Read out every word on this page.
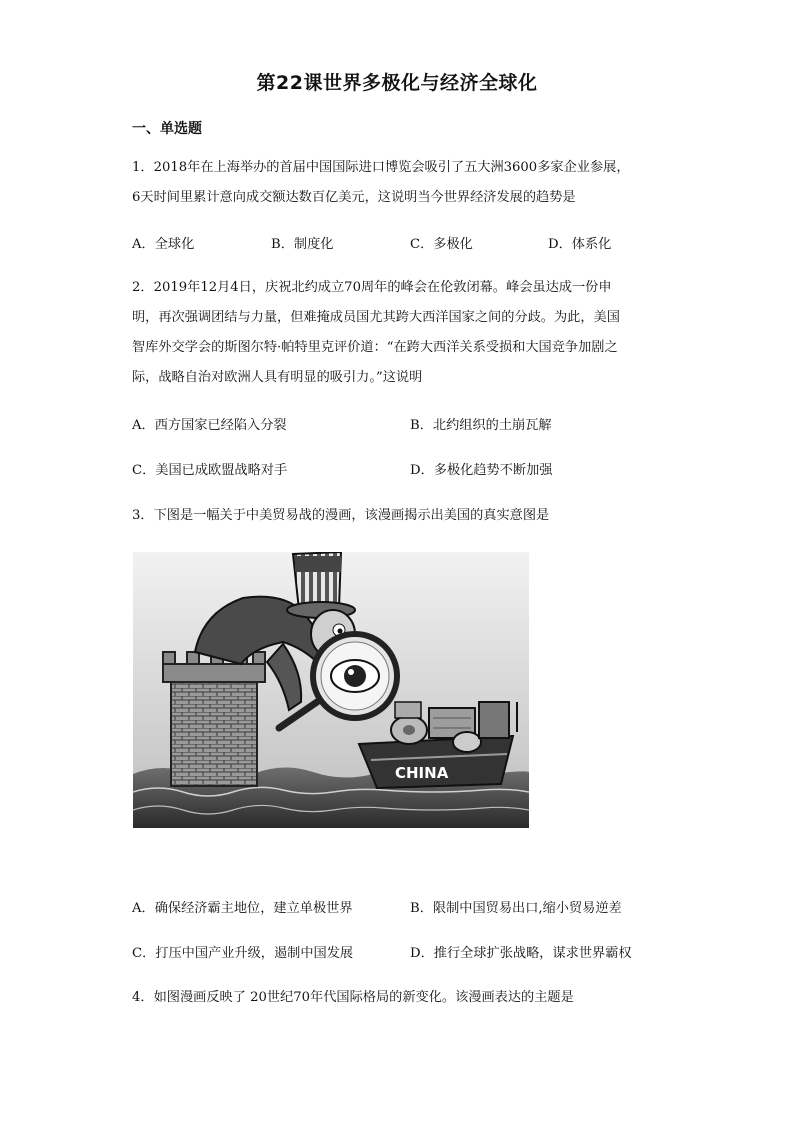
第22课世界多极化与经济全球化
一、单选题
1．2018年在上海举办的首届中国国际进口博览会吸引了五大洲3600多家企业参展，
6天时间里累计意向成交额达数百亿美元，这说明当今世界经济发展的趋势是
A．全球化	B．制度化	C．多极化	D．体系化
2．2019年12月4日，庆祝北约成立70周年的峰会在伦敦闭幕。峰会虽达成一份申
明，再次强调团结与力量，但难掩成员国尤其跨大西洋国家之间的分歧。为此，美国
智库外交学会的斯图尔特·帕特里克评价道：“在跨大西洋关系受损和大国竞争加剧之
际，战略自治对欧洲人具有明显的吸引力。”这说明
A．西方国家已经陷入分裂	B．北约组织的土崩瓦解
C．美国已成欧盟战略对手	D．多极化趋势不断加强
3．下图是一幅关于中美贸易战的漫画，该漫画揭示出美国的真实意图是
CHINA
A．确保经济霸主地位，建立单极世界	B．限制中国贸易出口,缩小贸易逆差
C．打压中国产业升级，遏制中国发展	D．推行全球扩张战略，谋求世界霸权
4．如图漫画反映了 20世纪70年代国际格局的新变化。该漫画表达的主题是
